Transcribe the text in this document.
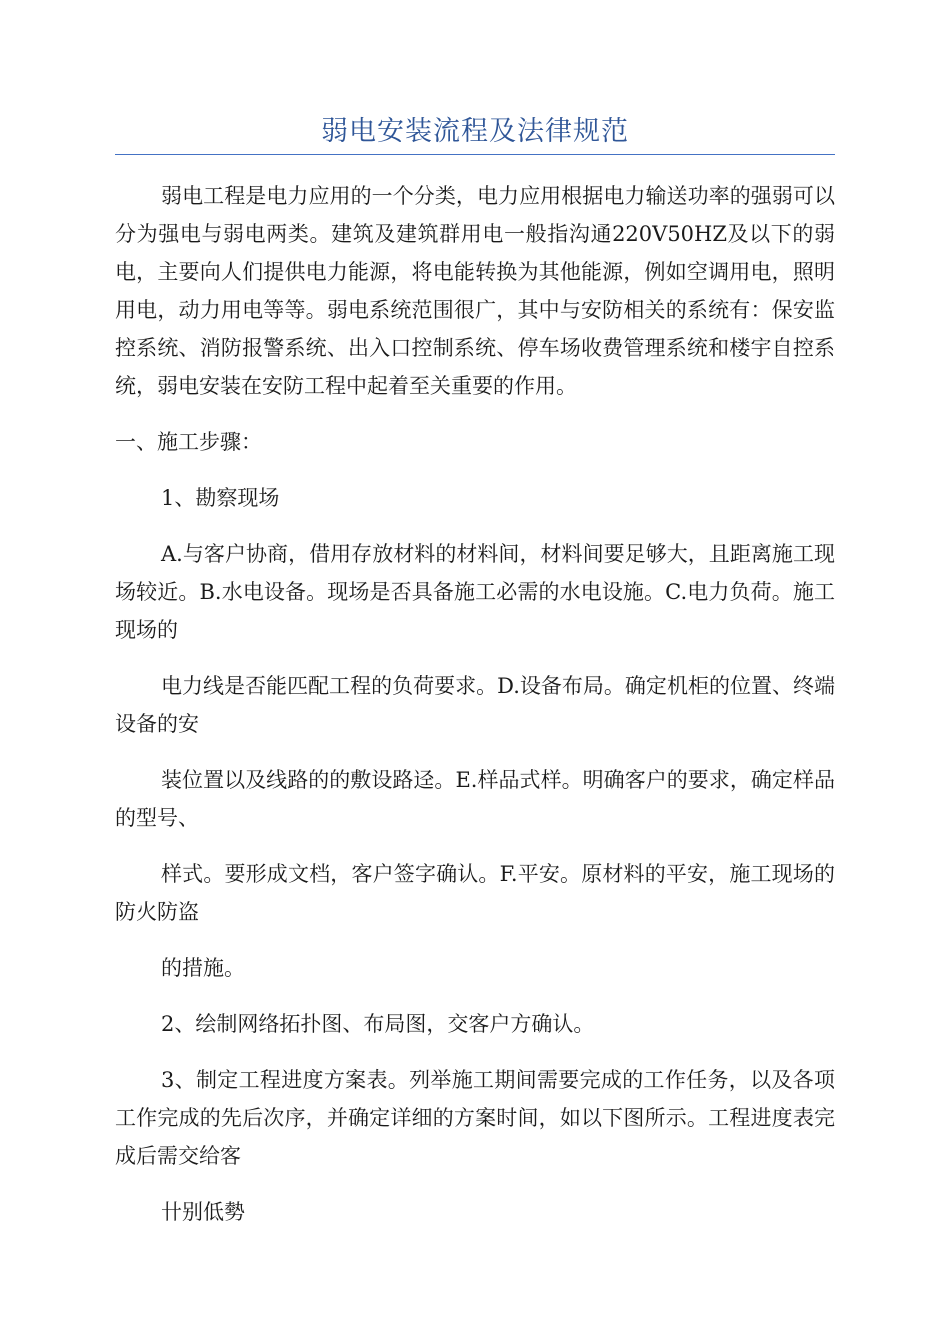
弱电安装流程及法律规范

弱电工程是电力应用的一个分类，电力应用根据电力输送功率的强弱可以分为强电与弱电两类。建筑及建筑群用电一般指沟通220V50HZ及以下的弱电，主要向人们提供电力能源，将电能转换为其他能源，例如空调用电，照明用电，动力用电等等。弱电系统范围很广，其中与安防相关的系统有：保安监控系统、消防报警系统、出入口控制系统、停车场收费管理系统和楼宇自控系统，弱电安装在安防工程中起着至关重要的作用。

一、施工步骤：

1、勘察现场

A.与客户协商，借用存放材料的材料间，材料间要足够大，且距离施工现场较近。B.水电设备。现场是否具备施工必需的水电设施。C.电力负荷。施工现场的

电力线是否能匹配工程的负荷要求。D.设备布局。确定机柜的位置、终端设备的安

装位置以及线路的的敷设路迳。E.样品式样。明确客户的要求，确定样品的型号、

样式。要形成文档，客户签字确认。F.平安。原材料的平安，施工现场的防火防盗

的措施。

2、绘制网络拓扑图、布局图，交客户方确认。

3、制定工程进度方案表。列举施工期间需要完成的工作任务，以及各项工作完成的先后次序，并确定详细的方案时间，如以下图所示。工程进度表完成后需交给客

卄别低勢
